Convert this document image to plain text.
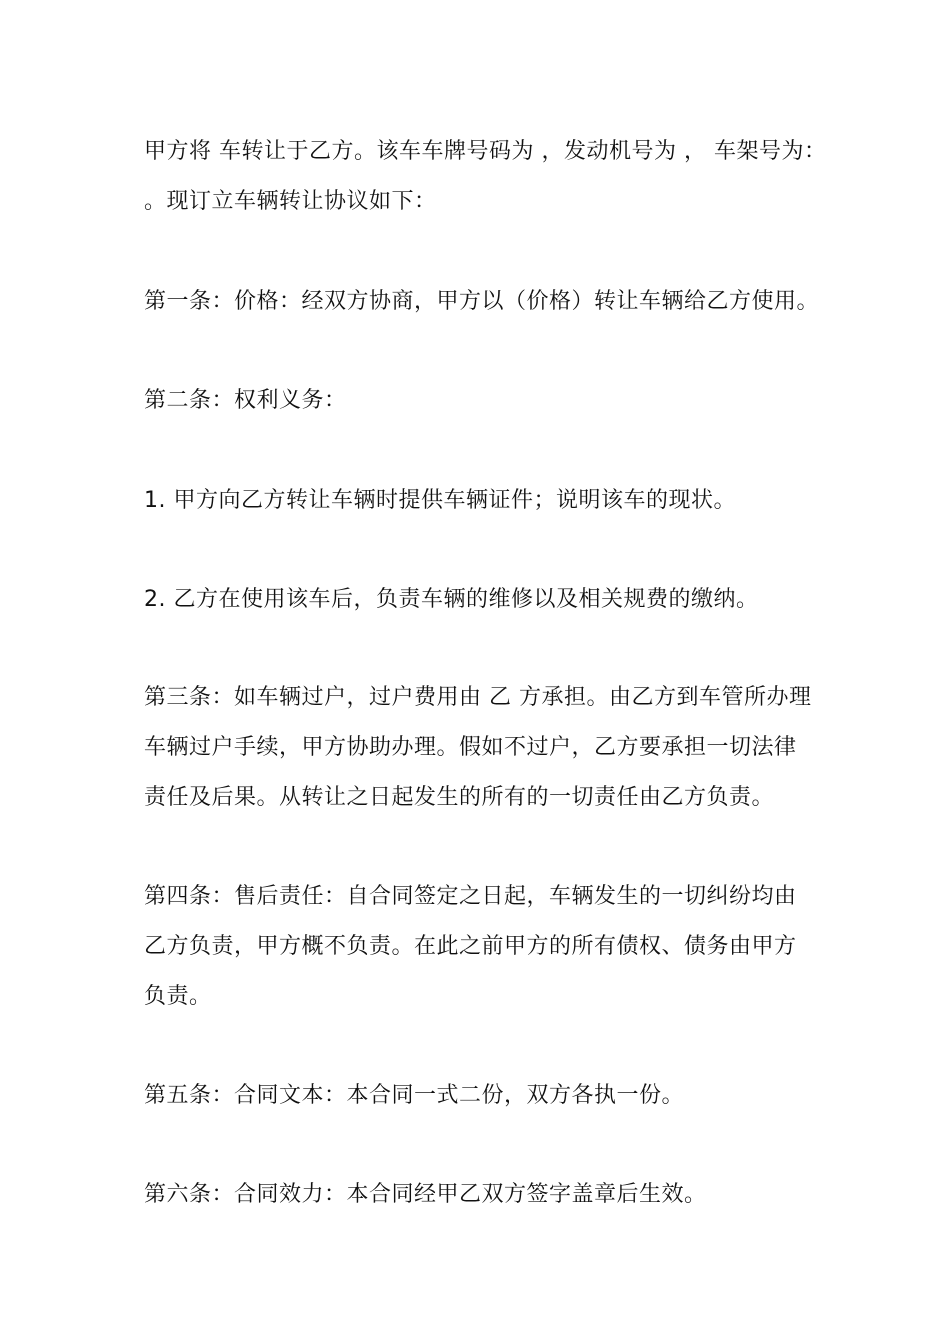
甲方将 车转让于乙方。该车车牌号码为 ，发动机号为 ， 车架号为：
。现订立车辆转让协议如下：

第一条：价格：经双方协商，甲方以（价格）转让车辆给乙方使用。

第二条：权利义务：

1. 甲方向乙方转让车辆时提供车辆证件；说明该车的现状。

2. 乙方在使用该车后，负责车辆的维修以及相关规费的缴纳。

第三条：如车辆过户，过户费用由 乙 方承担。由乙方到车管所办理
车辆过户手续，甲方协助办理。假如不过户，乙方要承担一切法律
责任及后果。从转让之日起发生的所有的一切责任由乙方负责。

第四条：售后责任：自合同签定之日起，车辆发生的一切纠纷均由
乙方负责，甲方概不负责。在此之前甲方的所有债权、债务由甲方
负责。

第五条：合同文本：本合同一式二份，双方各执一份。

第六条：合同效力：本合同经甲乙双方签字盖章后生效。
